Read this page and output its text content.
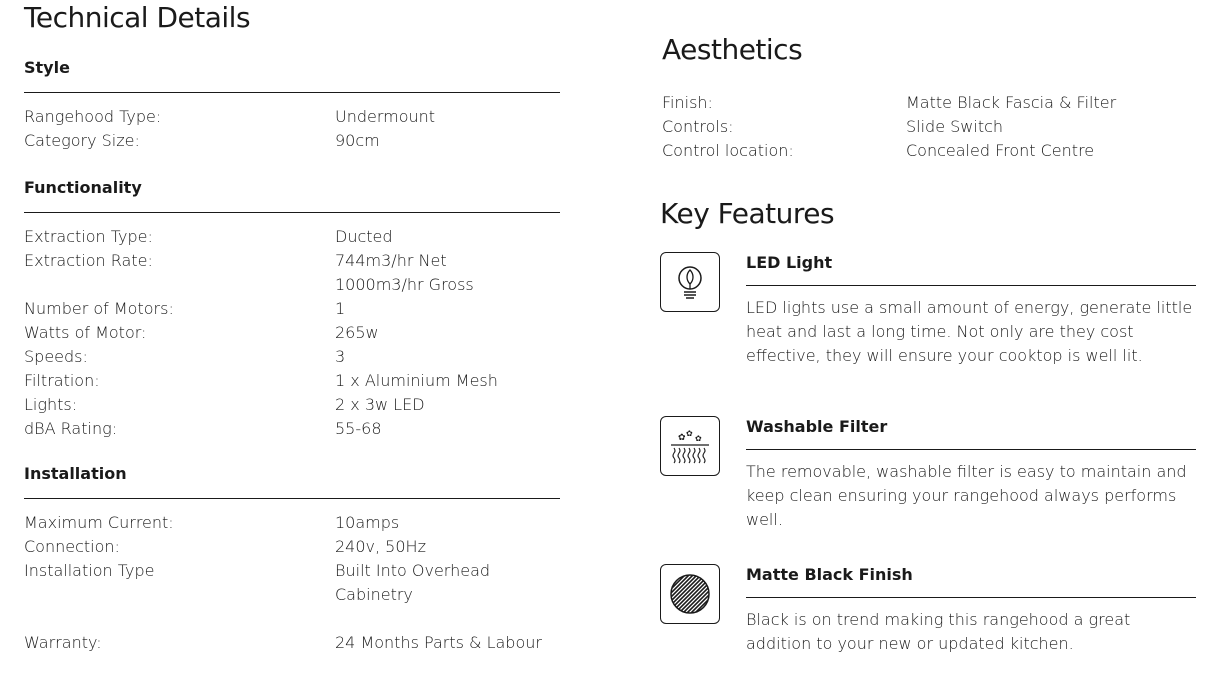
Technical Details
Style
Rangehood Type:	Undermount
Category Size:	90cm
Functionality
Extraction Type:	Ducted
Extraction Rate:	744m3/hr Net
1000m3/hr Gross
Number of Motors:	1
Watts of Motor:	265w
Speeds:	3
Filtration:	1 x Aluminium Mesh
Lights:	2 x 3w LED
dBA Rating:	55-68
Installation
Maximum Current:	10amps
Connection:	240v, 50Hz
Installation Type	Built Into Overhead
Cabinetry
Warranty:	24 Months Parts & Labour
Aesthetics
Finish:	Matte Black Fascia & Filter
Controls:	Slide Switch
Control location:	Concealed Front Centre
Key Features
LED Light
LED lights use a small amount of energy, generate little heat and last a long time. Not only are they cost effective, they will ensure your cooktop is well lit.
✿ ✿
✿
Washable Filter
The removable, washable filter is easy to maintain and keep clean ensuring your rangehood always performs well.
Matte Black Finish
Black is on trend making this rangehood a great addition to your new or updated kitchen.
